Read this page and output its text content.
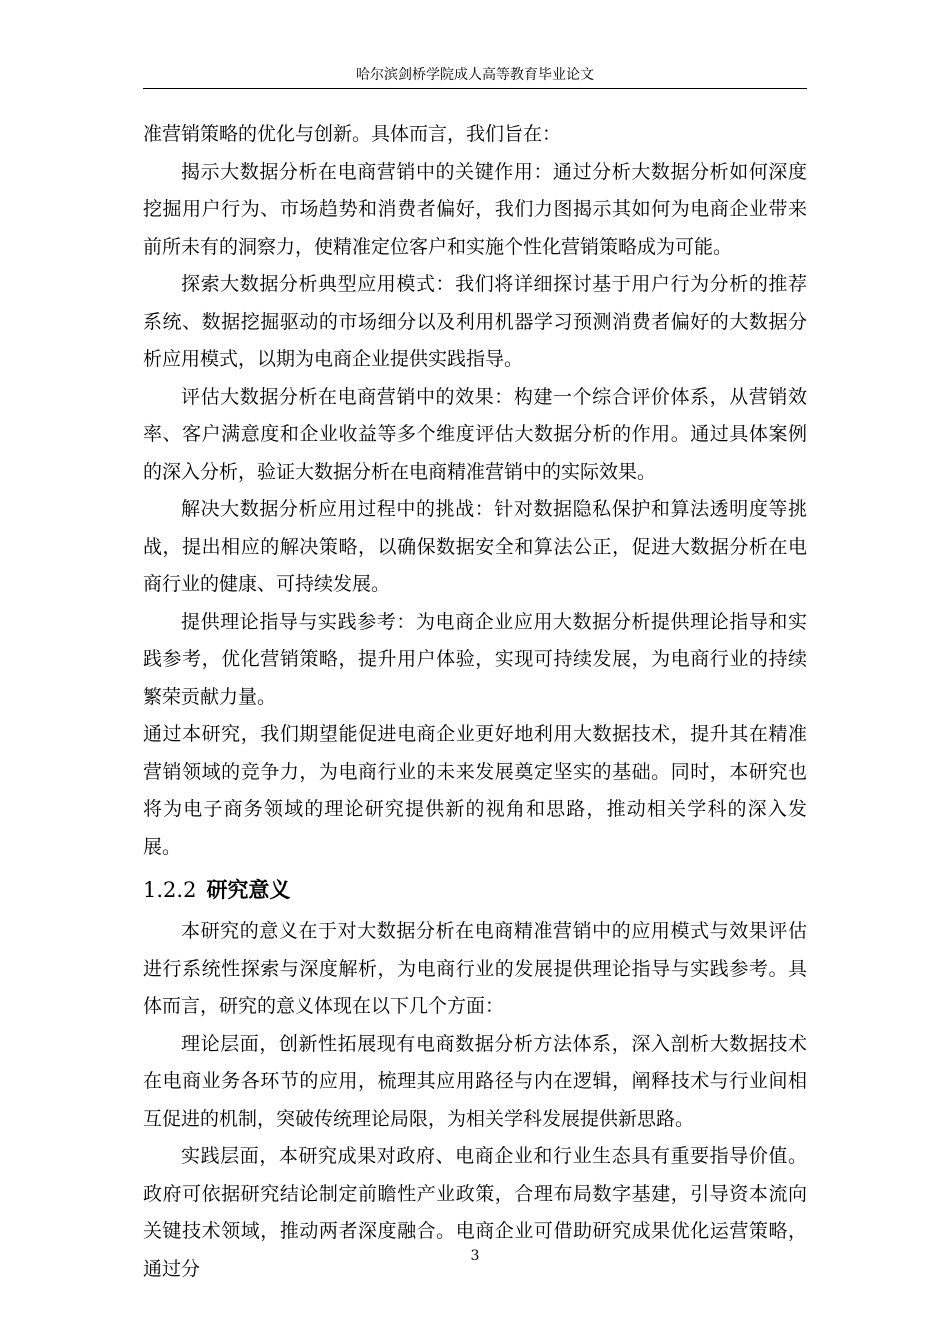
哈尔滨剑桥学院成人高等教育毕业论文

准营销策略的优化与创新。具体而言，我们旨在：

揭示大数据分析在电商营销中的关键作用：通过分析大数据分析如何深度挖掘用户行为、市场趋势和消费者偏好，我们力图揭示其如何为电商企业带来前所未有的洞察力，使精准定位客户和实施个性化营销策略成为可能。

探索大数据分析典型应用模式：我们将详细探讨基于用户行为分析的推荐系统、数据挖掘驱动的市场细分以及利用机器学习预测消费者偏好的大数据分析应用模式，以期为电商企业提供实践指导。

评估大数据分析在电商营销中的效果：构建一个综合评价体系，从营销效率、客户满意度和企业收益等多个维度评估大数据分析的作用。通过具体案例的深入分析，验证大数据分析在电商精准营销中的实际效果。

解决大数据分析应用过程中的挑战：针对数据隐私保护和算法透明度等挑战，提出相应的解决策略，以确保数据安全和算法公正，促进大数据分析在电商行业的健康、可持续发展。

提供理论指导与实践参考：为电商企业应用大数据分析提供理论指导和实践参考，优化营销策略，提升用户体验，实现可持续发展，为电商行业的持续繁荣贡献力量。

通过本研究，我们期望能促进电商企业更好地利用大数据技术，提升其在精准营销领域的竞争力，为电商行业的未来发展奠定坚实的基础。同时，本研究也将为电子商务领域的理论研究提供新的视角和思路，推动相关学科的深入发展。

1.2.2 研究意义

本研究的意义在于对大数据分析在电商精准营销中的应用模式与效果评估进行系统性探索与深度解析，为电商行业的发展提供理论指导与实践参考。具体而言，研究的意义体现在以下几个方面：

理论层面，创新性拓展现有电商数据分析方法体系，深入剖析大数据技术在电商业务各环节的应用，梳理其应用路径与内在逻辑，阐释技术与行业间相互促进的机制，突破传统理论局限，为相关学科发展提供新思路。

实践层面，本研究成果对政府、电商企业和行业生态具有重要指导价值。政府可依据研究结论制定前瞻性产业政策，合理布局数字基建，引导资本流向关键技术领域，推动两者深度融合。电商企业可借助研究成果优化运营策略，通过分

3
